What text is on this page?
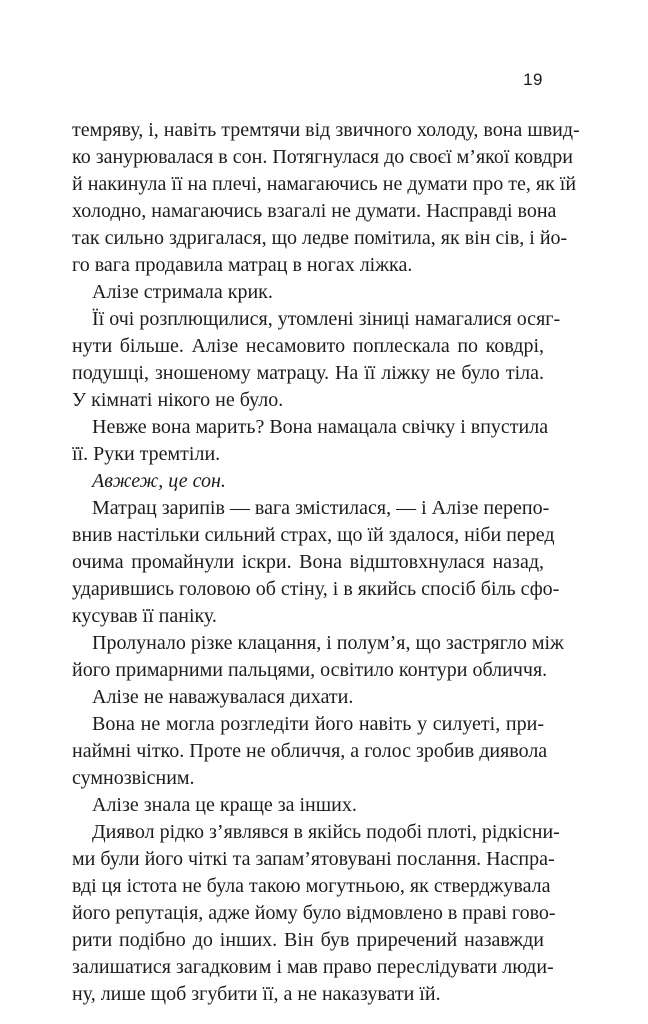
19

темряву, і, навіть тремтячи від звичного холоду, вона швид-

ко занурювалася в сон. Потягнулася до своєї м’якої ковдри

й накинула її на плечі, намагаючись не думати про те, як їй

холодно, намагаючись взагалі не думати. Насправді вона

так сильно здригалася, що ледве помітила, як він сів, і йо-

го вага продавила матрац в ногах ліжка.

Алізе стримала крик.

Її очі розплющилися, утомлені зіниці намагалися осяг-

нути більше. Алізе несамовито поплескала по ковдрі,

подушці, зношеному матрацу. На її ліжку не було тіла.

У кімнаті нікого не було.

Невже вона марить? Вона намацала свічку і впустила

її. Руки тремтіли.

Авжеж, це сон.

Матрац зарипів — вага змістилася, — і Алізе перепо-

внив настільки сильний страх, що їй здалося, ніби перед

очима промайнули іскри. Вона відштовхнулася назад,

ударившись головою об стіну, і в якийсь спосіб біль сфо-

кусував її паніку.

Пролунало різке клацання, і полум’я, що застрягло між

його примарними пальцями, освітило контури обличчя.

Алізе не наважувалася дихати.

Вона не могла розгледіти його навіть у силуеті, при-

наймні чітко. Проте не обличчя, а голос зробив диявола

сумнозвісним.

Алізе знала це краще за інших.

Диявол рідко з’являвся в якійсь подобі плоті, рідкісни-

ми були його чіткі та запам’ятовувані послання. Наспра-

вді ця істота не була такою могутньою, як стверджувала

його репутація, адже йому було відмовлено в праві гово-

рити подібно до інших. Він був приречений назавжди

залишатися загадковим і мав право переслідувати люди-

ну, лише щоб згубити її, а не наказувати їй.
